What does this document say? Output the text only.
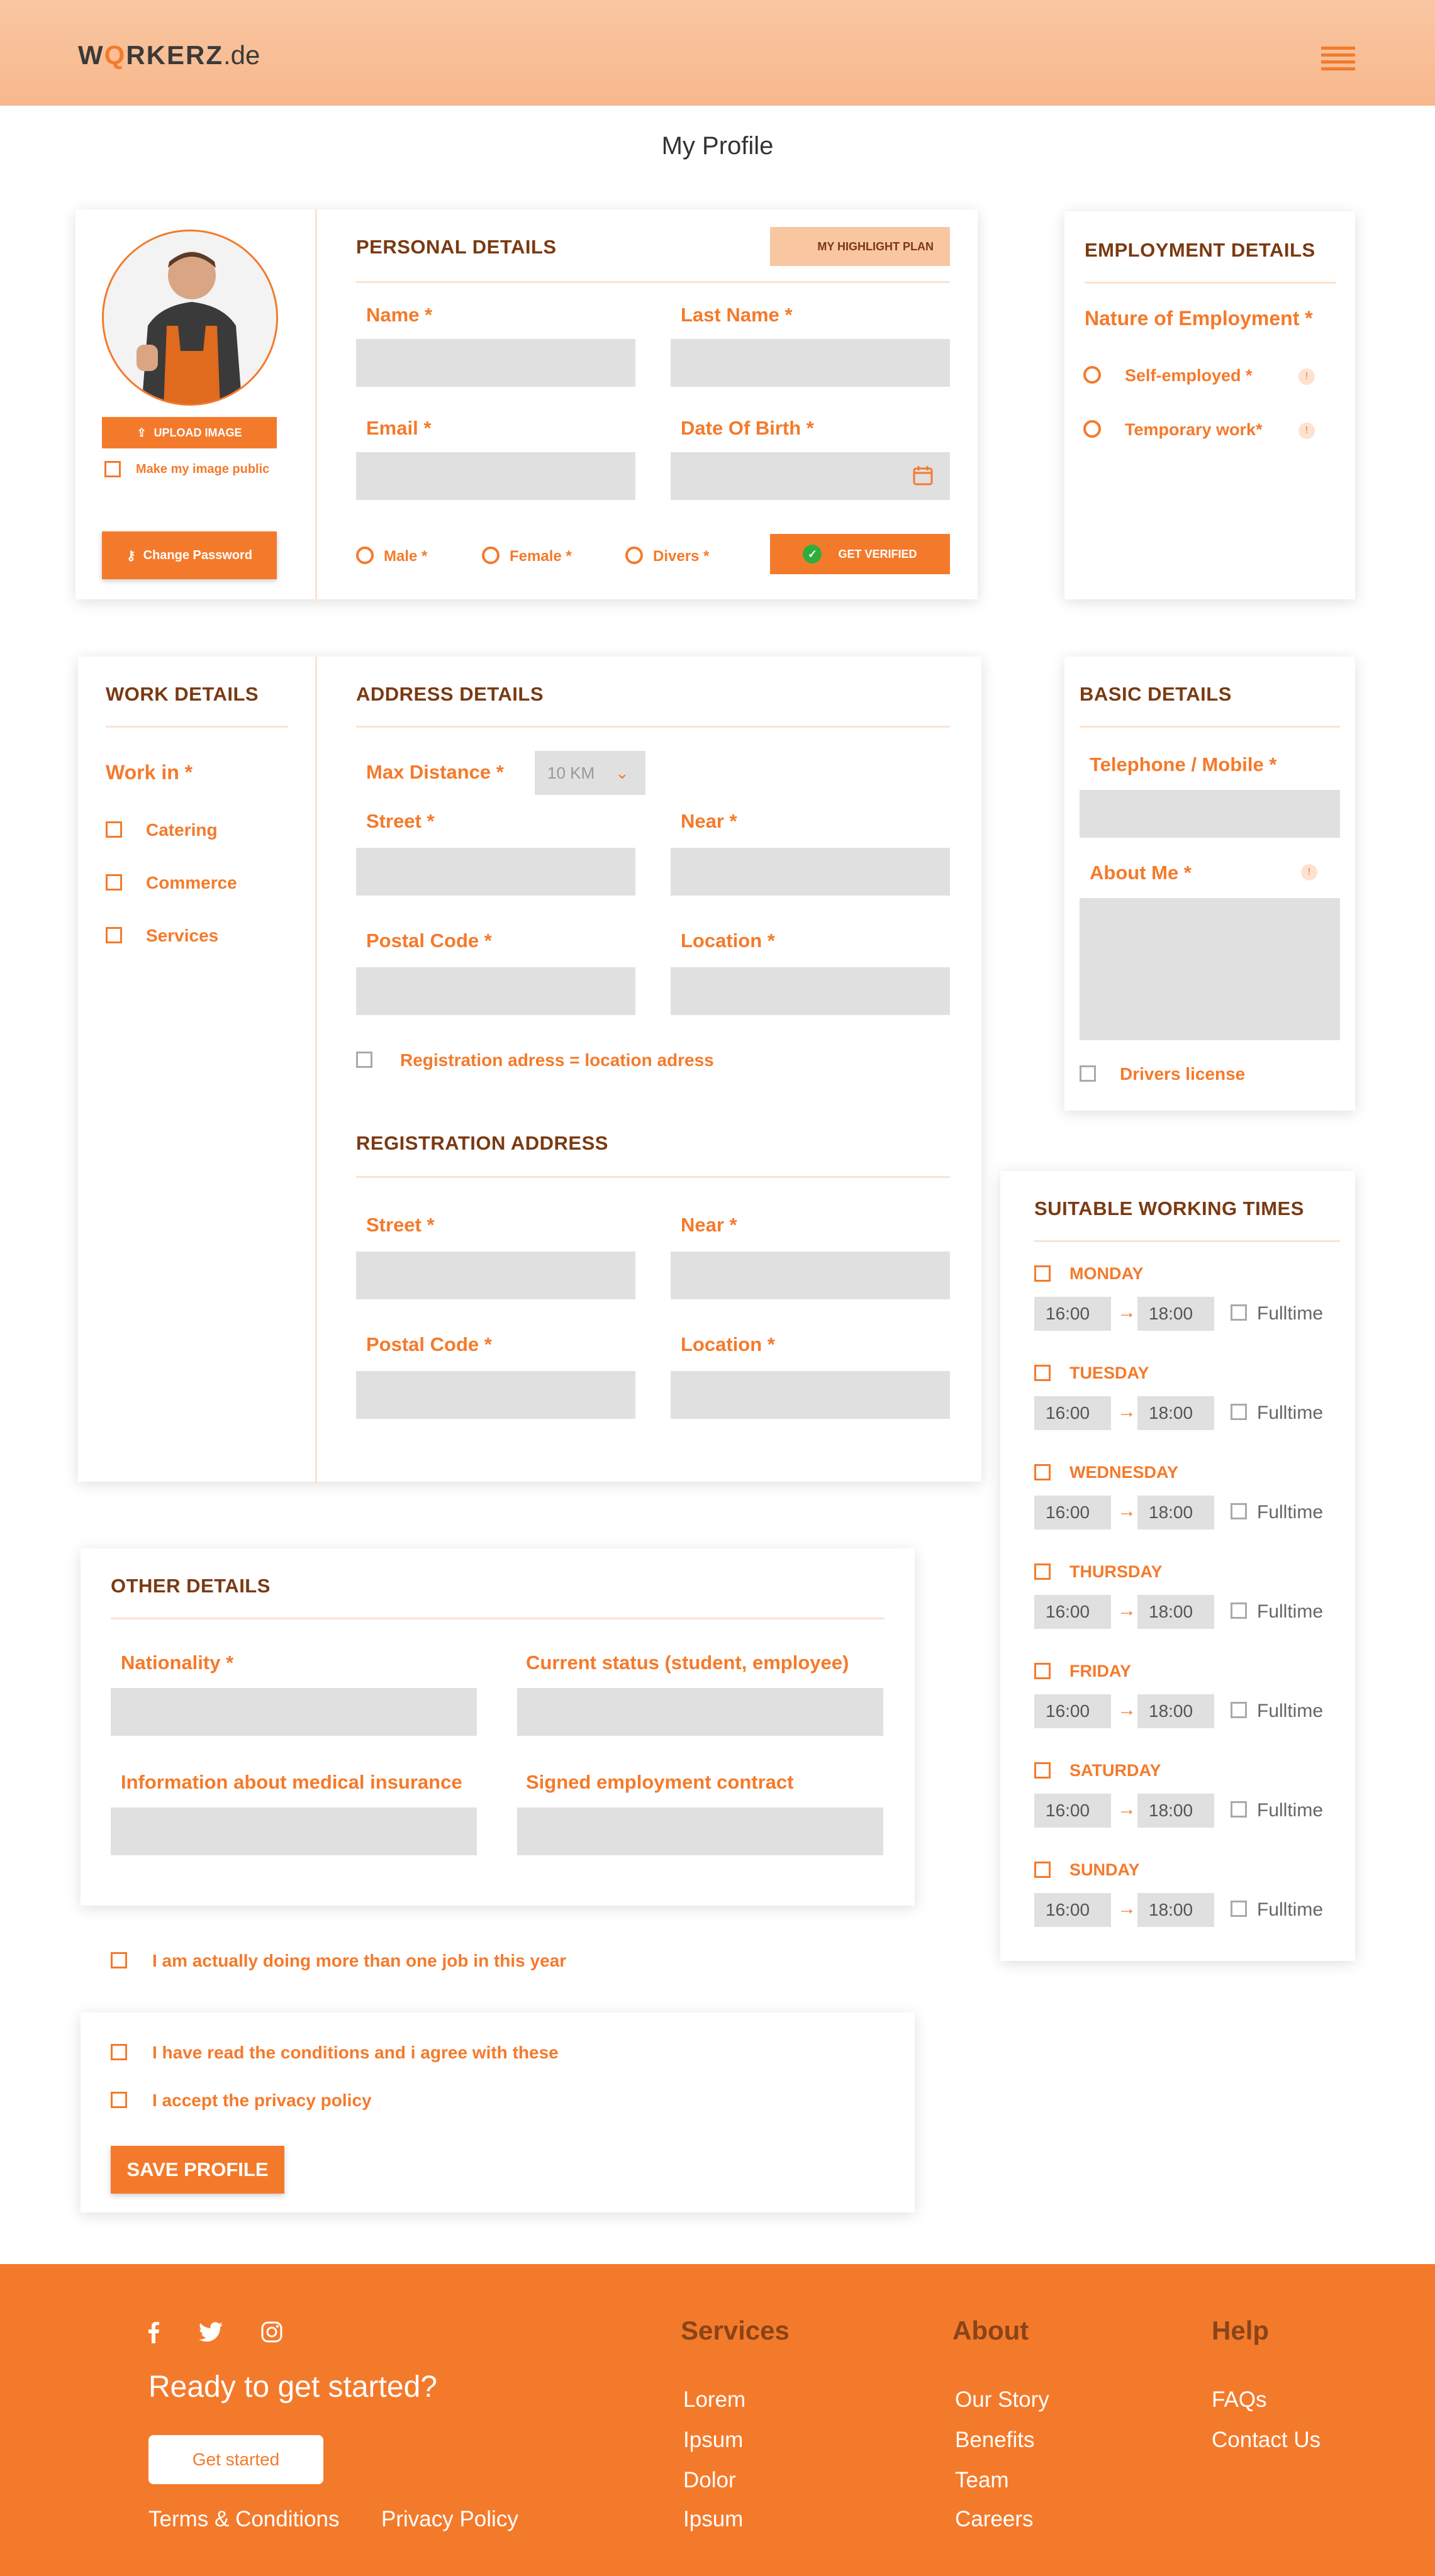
WQRKERZ.de
My Profile
⇪ UPLOAD IMAGE
Make my image public
⚷ Change Password
PERSONAL DETAILS	MY HIGHLIGHT PLAN
Name *	Last Name *
Email *	Date Of Birth *
Male *	Female *	Divers *	✓	GET VERIFIED
EMPLOYMENT DETAILS
Nature of Employment *
Self-employed *	!
Temporary work*	!
WORK DETAILS
Work in *
Catering
Commerce
Services
ADDRESS DETAILS
Max Distance *	10 KM ⌄
Street *	Near *
Postal Code *	Location *
Registration adress = location adress
REGISTRATION ADDRESS
Street *	Near *
Postal Code *	Location *
BASIC DETAILS
Telephone / Mobile *
About Me *	!
Drivers license
SUITABLE WORKING TIMES
MONDAY
16:00	→ 18:00	Fulltime
TUESDAY
16:00	→ 18:00	Fulltime
WEDNESDAY
16:00	→ 18:00	Fulltime
THURSDAY
16:00	→ 18:00	Fulltime
FRIDAY
16:00	→ 18:00	Fulltime
SATURDAY
16:00	→ 18:00	Fulltime
SUNDAY
16:00	→ 18:00	Fulltime
OTHER DETAILS
Nationality *	Current status (student, employee)
Information about medical insurance	Signed employment contract
I am actually doing more than one job in this year
I have read the conditions and i agree with these
I accept the privacy policy
SAVE PROFILE
Ready to get started?
Get started
Terms & Conditions Privacy Policy
Services
Lorem
Ipsum
Dolor
Ipsum
About
Our Story
Benefits
Team
Careers
Help
FAQs
Contact Us
